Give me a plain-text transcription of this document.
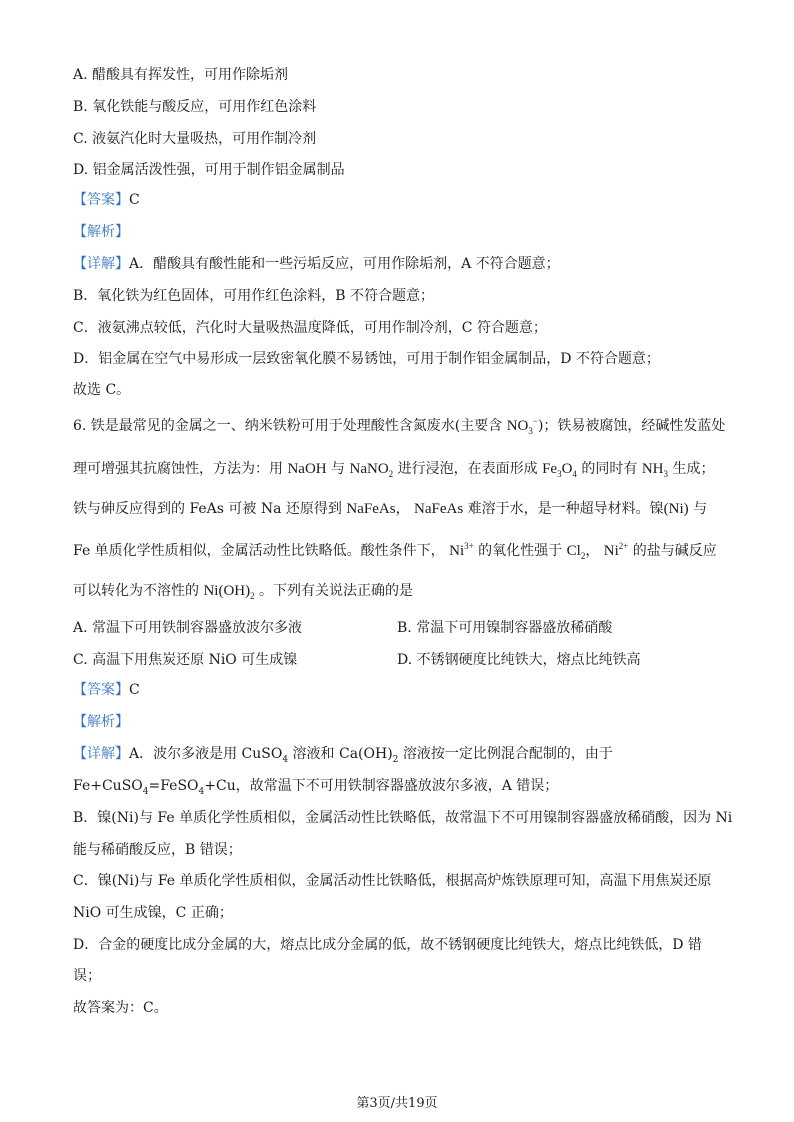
A. 醋酸具有挥发性，可用作除垢剂
B. 氧化铁能与酸反应，可用作红色涂料
C. 液氨汽化时大量吸热，可用作制冷剂
D. 铝金属活泼性强，可用于制作铝金属制品
【答案】C
【解析】
【详解】A．醋酸具有酸性能和一些污垢反应，可用作除垢剂，A 不符合题意；
B．氧化铁为红色固体，可用作红色涂料，B 不符合题意；
C．液氨沸点较低，汽化时大量吸热温度降低，可用作制冷剂，C 符合题意；
D．铝金属在空气中易形成一层致密氧化膜不易锈蚀，可用于制作铝金属制品，D 不符合题意；
故选 C。
6. 铁是最常见的金属之一、纳米铁粉可用于处理酸性含氮废水(主要含 $NO_3^-$)；铁易被腐蚀，经碱性发蓝处
理可增强其抗腐蚀性，方法为：用 NaOH 与 NaNO$_2$ 进行浸泡，在表面形成 $Fe_3O_4$ 的同时有 $NH_3$ 生成；
铁与砷反应得到的 FeAs 可被 Na 还原得到 NaFeAs， NaFeAs 难溶于水，是一种超导材料。镍(Ni) 与
Fe 单质化学性质相似，金属活动性比铁略低。酸性条件下， $Ni^{3+}$ 的氧化性强于 $Cl_2$， $Ni^{2+}$ 的盐与碱反应
可以转化为不溶性的 $Ni(OH)_2$ 。下列有关说法正确的是
A. 常温下可用铁制容器盛放波尔多液	B. 常温下可用镍制容器盛放稀硝酸
C. 高温下用焦炭还原 NiO 可生成镍	D. 不锈钢硬度比纯铁大，熔点比纯铁高
【答案】C
【解析】
【详解】A．波尔多液是用 CuSO$_4$ 溶液和 $Ca(OH)_2$ 溶液按一定比例混合配制的，由于
Fe+CuSO$_4$=FeSO$_4$+Cu，故常温下不可用铁制容器盛放波尔多液，A 错误；
B．镍(Ni)与 Fe 单质化学性质相似，金属活动性比铁略低，故常温下不可用镍制容器盛放稀硝酸，因为 Ni
能与稀硝酸反应，B 错误；
C．镍(Ni)与 Fe 单质化学性质相似，金属活动性比铁略低，根据高炉炼铁原理可知，高温下用焦炭还原
NiO 可生成镍，C 正确；
D．合金的硬度比成分金属的大，熔点比成分金属的低，故不锈钢硬度比纯铁大，熔点比纯铁低，D 错
误；
故答案为：C。
第3页/共19页
